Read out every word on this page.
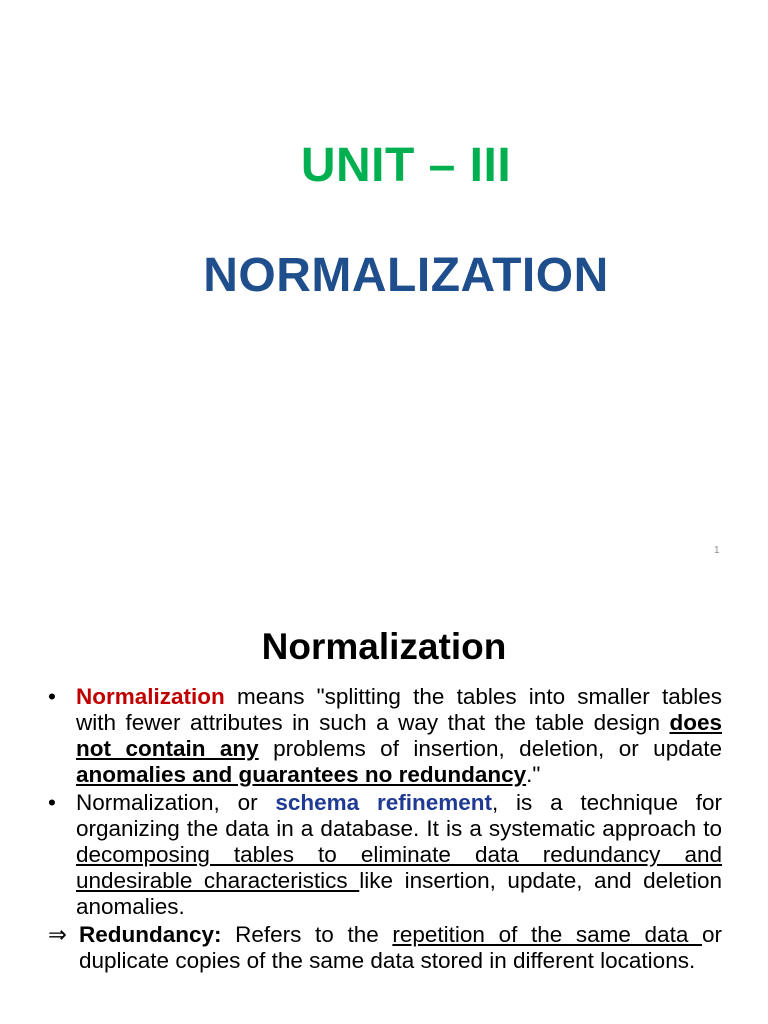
UNIT – III
NORMALIZATION
1
Normalization
• Normalization means "splitting the tables into smaller tables with fewer attributes in such a way that the table design does not contain any problems of insertion, deletion, or update anomalies and guarantees no redundancy."
• Normalization, or schema refinement, is a technique for organizing the data in a database. It is a systematic approach to decomposing tables to eliminate data redundancy and undesirable characteristics like insertion, update, and deletion anomalies.
⇒ Redundancy: Refers to the repetition of the same data or duplicate copies of the same data stored in different locations.
